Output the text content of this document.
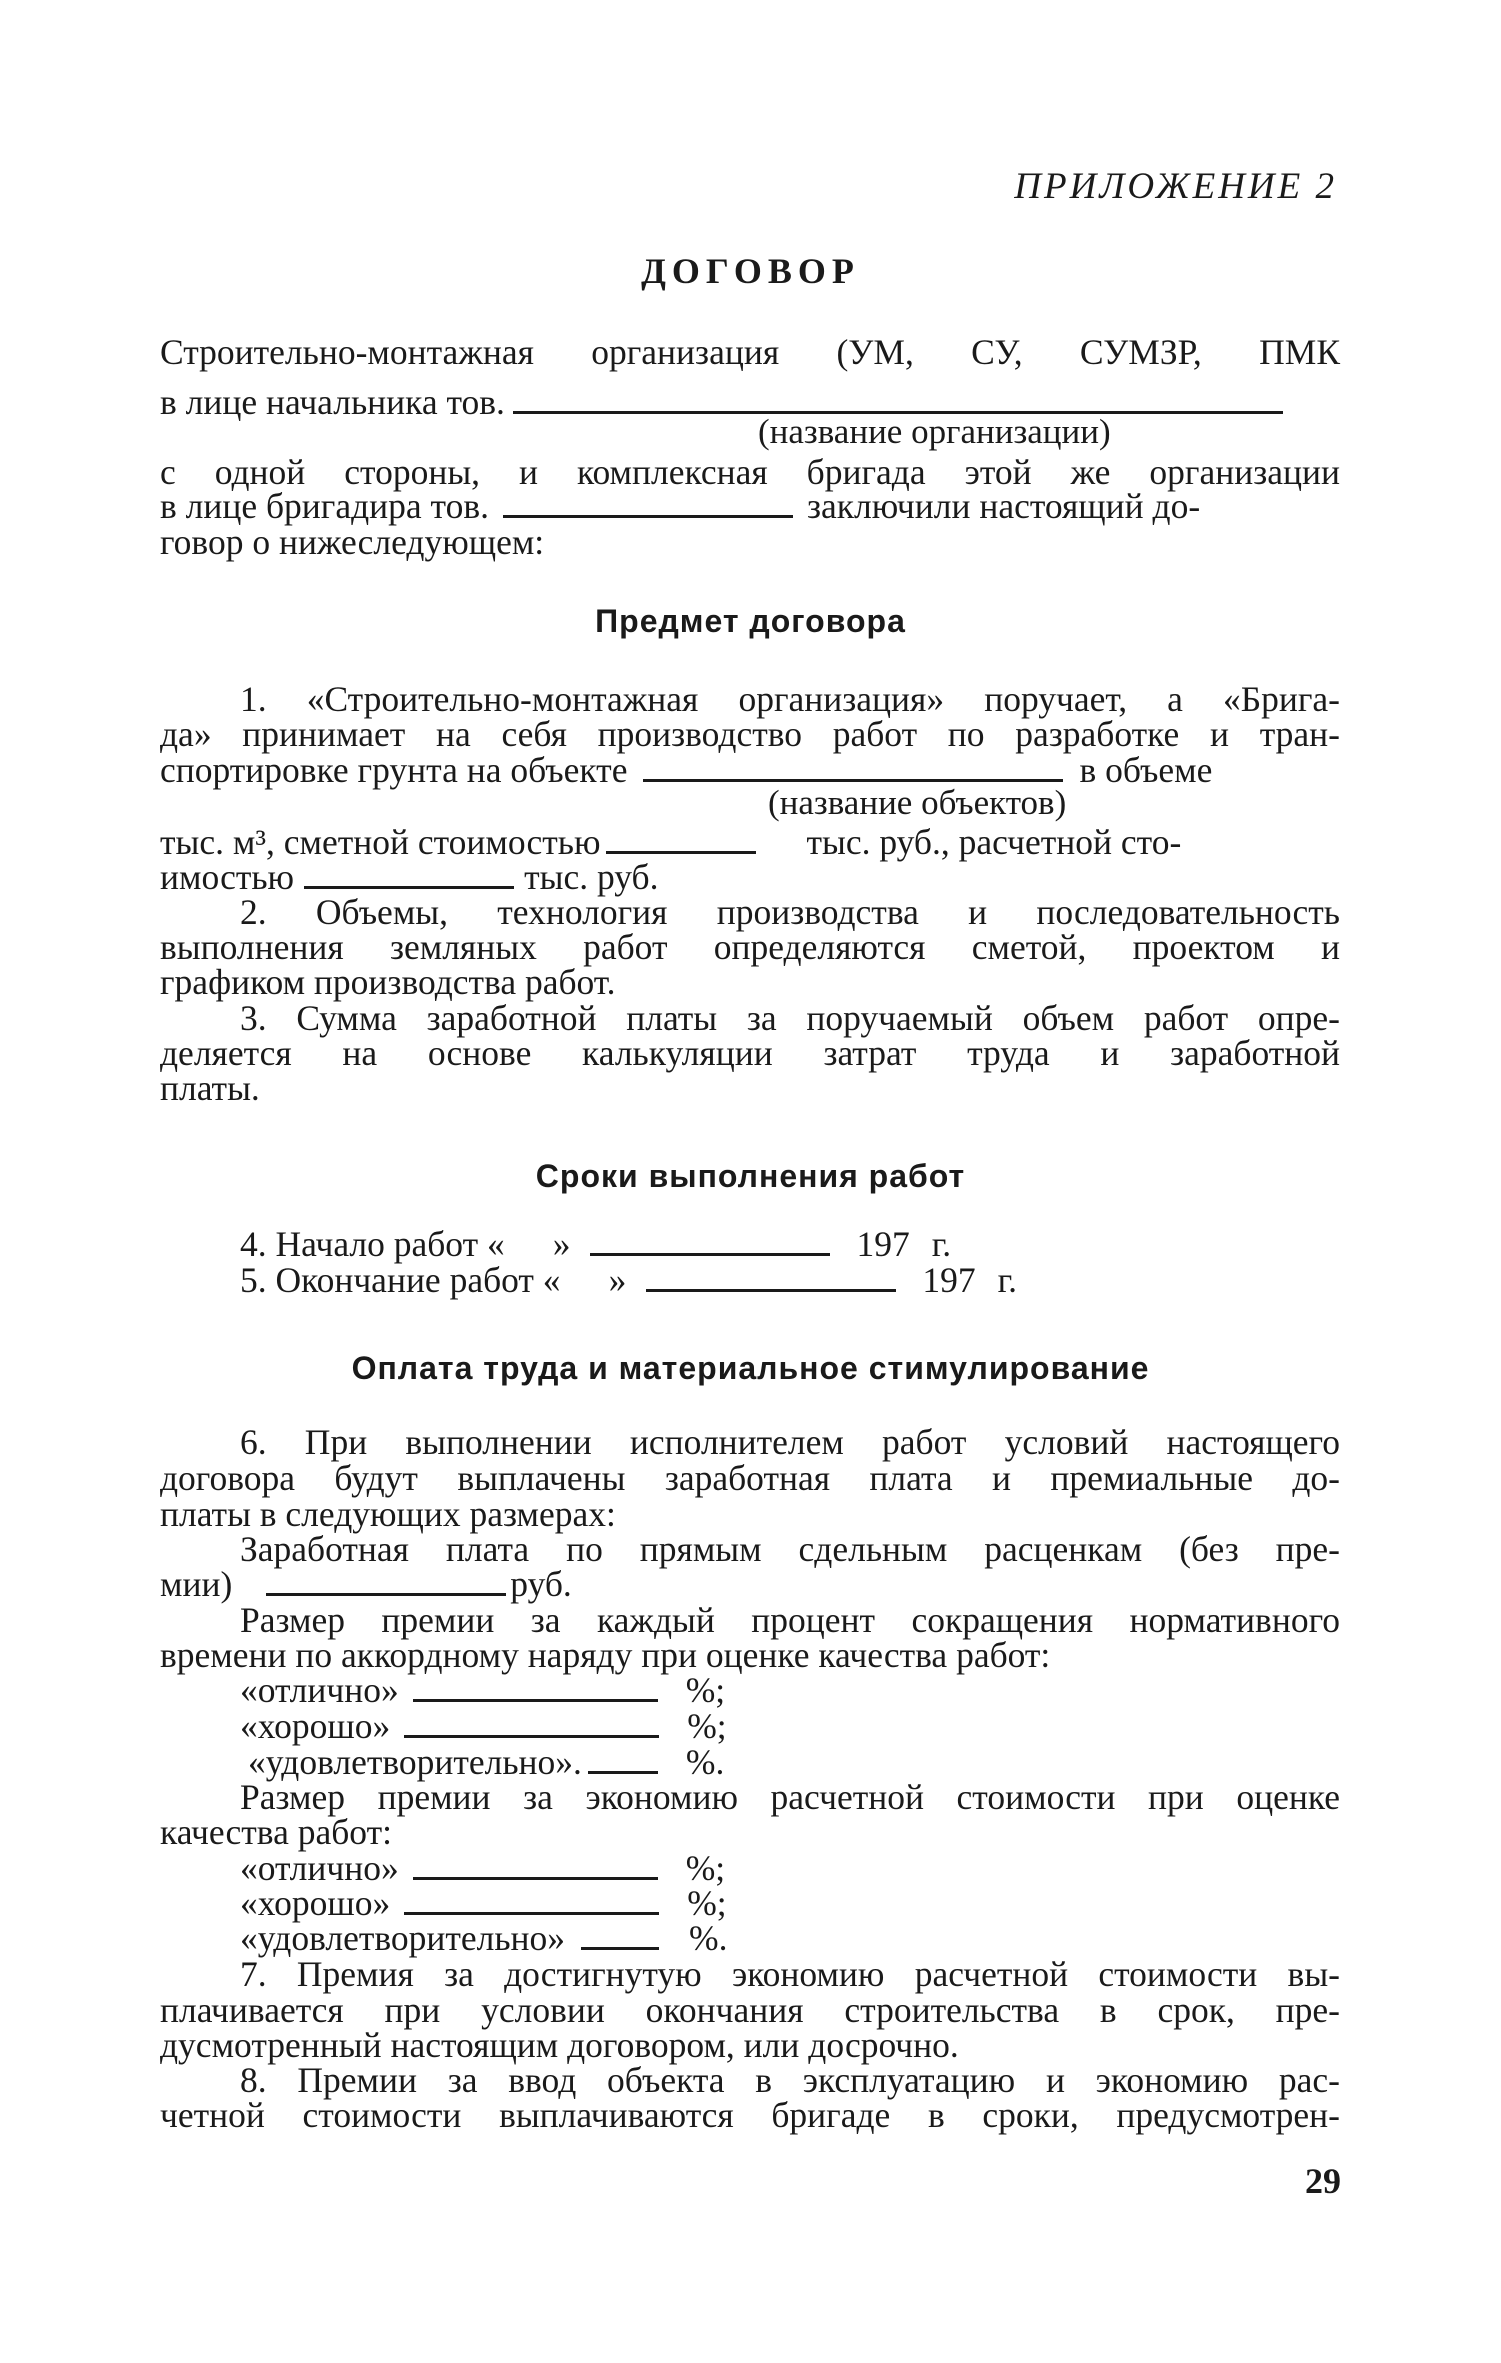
ПРИЛОЖЕНИЕ 2
ДОГОВОР
Строительно-монтажная организация (УМ, СУ, СУМЗР, ПМК
в лице начальника тов.
(название организации)
с одной стороны, и комплексная бригада этой же организации
в лице бригадира тов.	заключили настоящий до-
говор о нижеследующем:
Предмет договора
1. «Строительно-монтажная организация» поручает, а «Брига-
да» принимает на себя производство работ по разработке и тран-
спортировке грунта на объекте	в объеме
(название объектов)
тыс. м³, сметной стоимостью	тыс. руб., расчетной сто-
имостью	тыс. руб.
2. Объемы, технология производства и последовательность
выполнения земляных работ определяются сметой, проектом и
графиком производства работ.
3. Сумма заработной платы за поручаемый объем работ опре-
деляется на основе калькуляции затрат труда и заработной
платы.
Сроки выполнения работ
4. Начало работ « »	197 г.
5. Окончание работ « »	197 г.
Оплата труда и материальное стимулирование
6. При выполнении исполнителем работ условий настоящего
договора будут выплачены заработная плата и премиальные до-
платы в следующих размерах:
Заработная плата по прямым сдельным расценкам (без пре-
мии)	руб.
Размер премии за каждый процент сокращения нормативного
времени по аккордному наряду при оценке качества работ:
«отлично»	%;
«хорошо»	%;
«удовлетворительно».	%.
Размер премии за экономию расчетной стоимости при оценке
качества работ:
«отлично»	%;
«хорошо»	%;
«удовлетворительно»	%.
7. Премия за достигнутую экономию расчетной стоимости вы-
плачивается при условии окончания строительства в срок, пре-
дусмотренный настоящим договором, или досрочно.
8. Премии за ввод объекта в эксплуатацию и экономию рас-
четной стоимости выплачиваются бригаде в сроки, предусмотрен-
29
